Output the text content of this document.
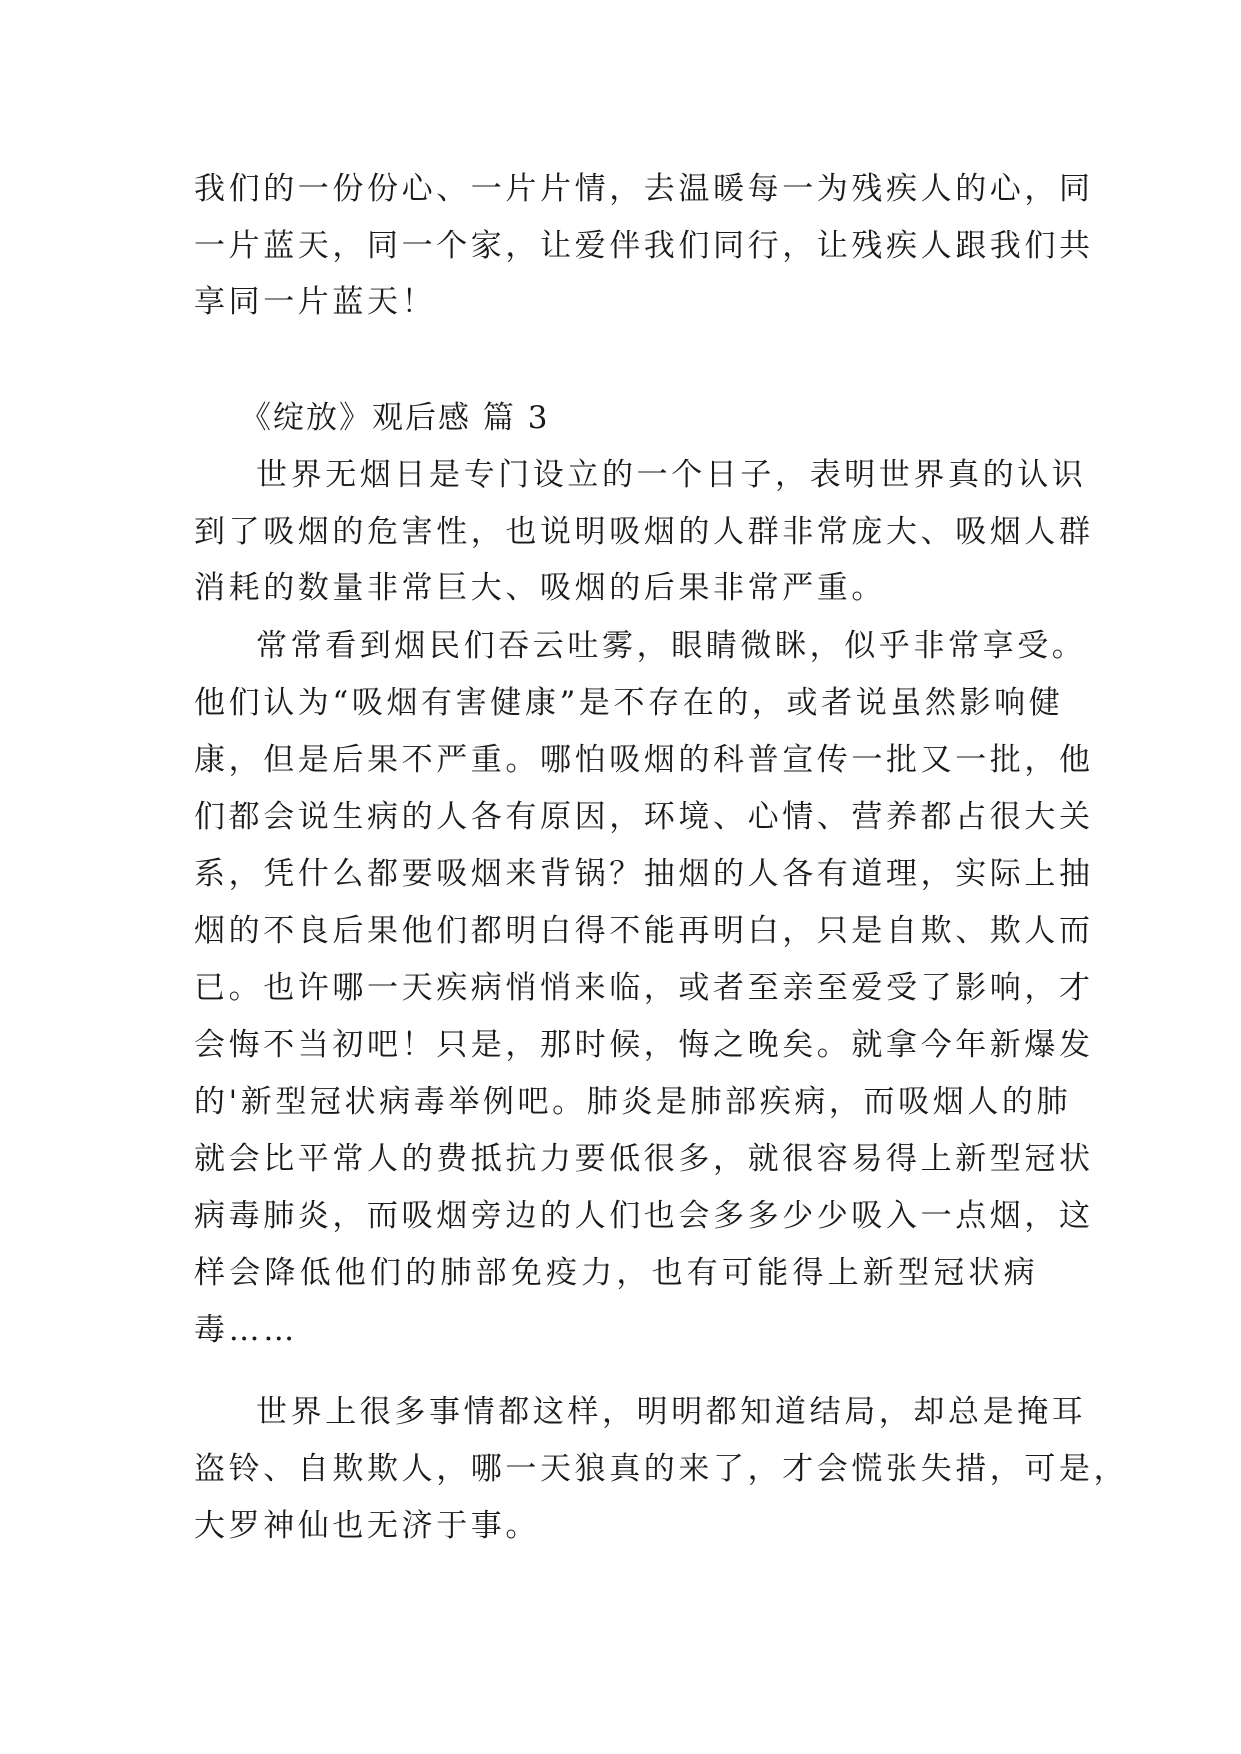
我们的一份份心、一片片情，去温暖每一为残疾人的心，同

一片蓝天，同一个家，让爱伴我们同行，让残疾人跟我们共

享同一片蓝天！

《绽放》观后感 篇 3

世界无烟日是专门设立的一个日子，表明世界真的认识

到了吸烟的危害性，也说明吸烟的人群非常庞大、吸烟人群

消耗的数量非常巨大、吸烟的后果非常严重。

常常看到烟民们吞云吐雾，眼睛微眯，似乎非常享受。

他们认为“吸烟有害健康”是不存在的，或者说虽然影响健

康，但是后果不严重。哪怕吸烟的科普宣传一批又一批，他

们都会说生病的人各有原因，环境、心情、营养都占很大关

系，凭什么都要吸烟来背锅？抽烟的人各有道理，实际上抽

烟的不良后果他们都明白得不能再明白，只是自欺、欺人而

已。也许哪一天疾病悄悄来临，或者至亲至爱受了影响，才

会悔不当初吧！只是，那时候，悔之晚矣。就拿今年新爆发

的'新型冠状病毒举例吧。肺炎是肺部疾病，而吸烟人的肺

就会比平常人的费抵抗力要低很多，就很容易得上新型冠状

病毒肺炎，而吸烟旁边的人们也会多多少少吸入一点烟，这

样会降低他们的肺部免疫力，也有可能得上新型冠状病

毒……

世界上很多事情都这样，明明都知道结局，却总是掩耳

盗铃、自欺欺人，哪一天狼真的来了，才会慌张失措，可是，

大罗神仙也无济于事。
